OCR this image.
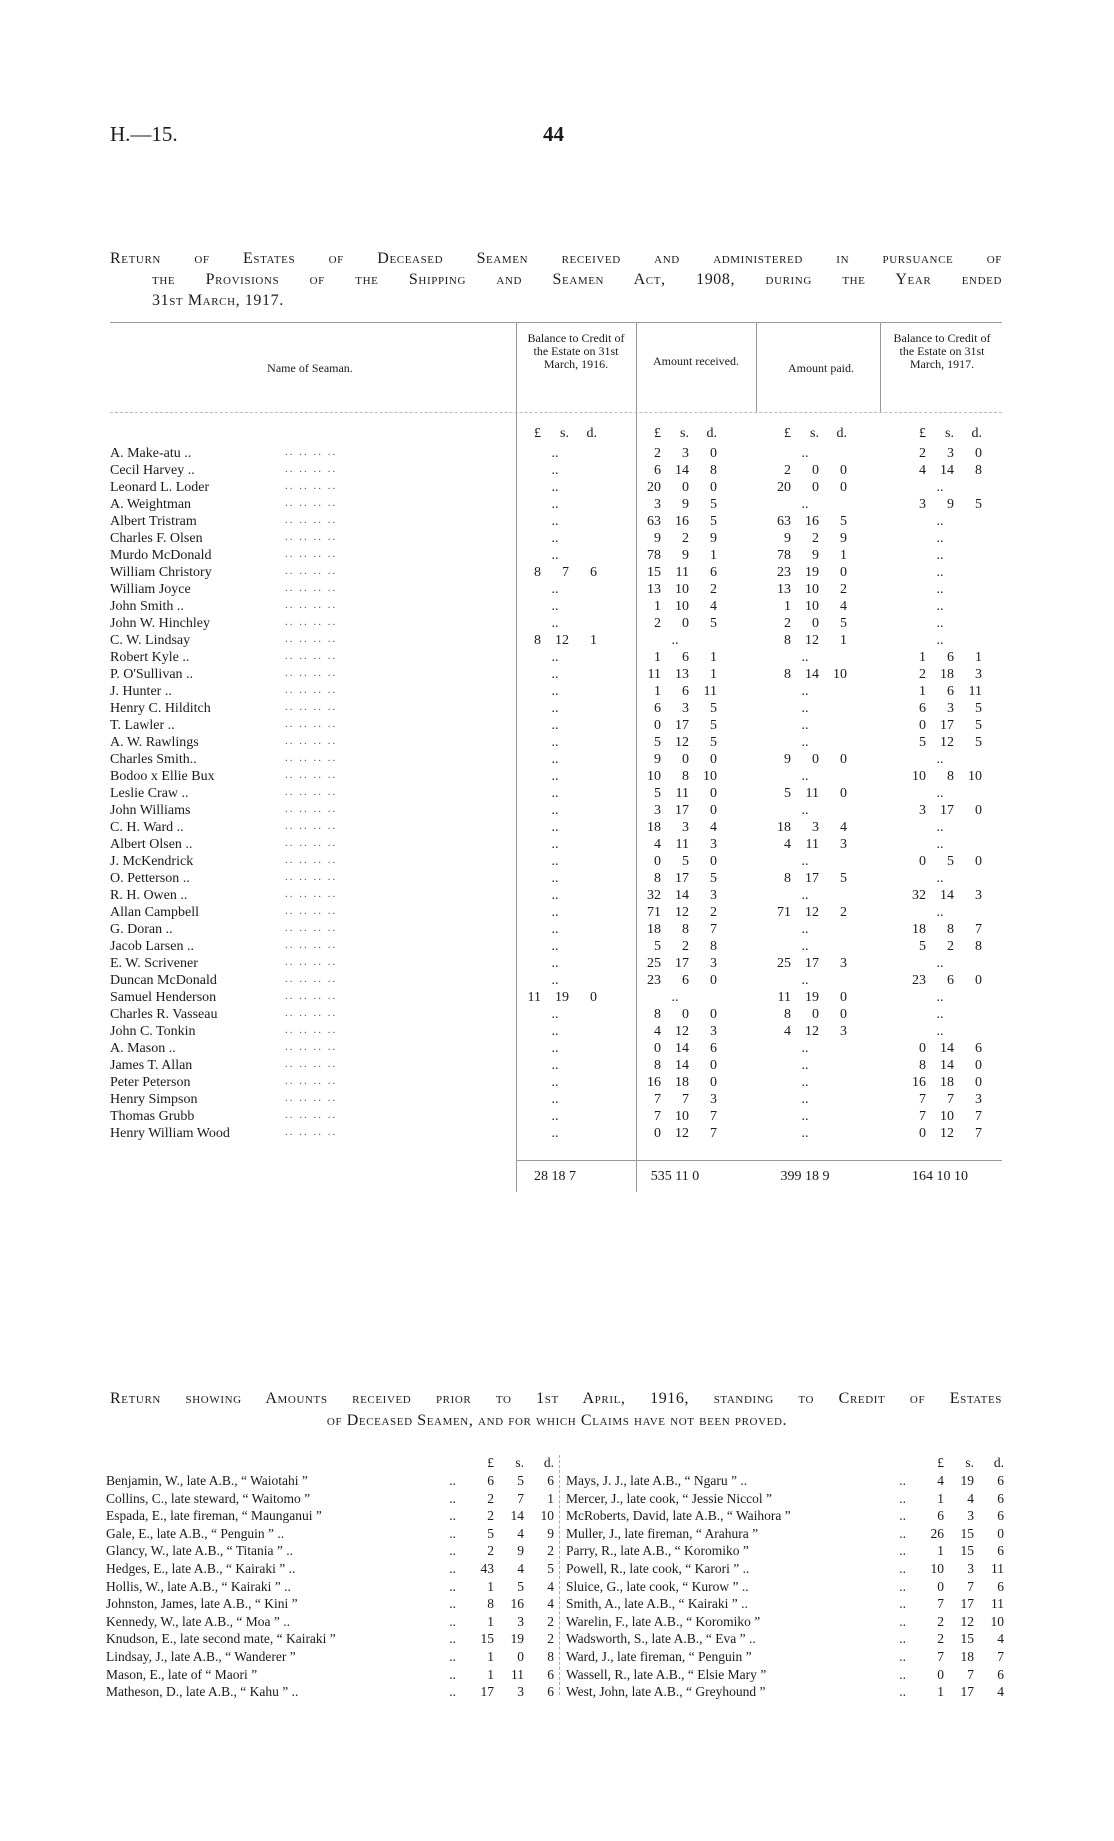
H.—15.	44
Return of Estates of Deceased Seamen received and administered in pursuance of
the Provisions of the Shipping and Seamen Act, 1908, during the Year ended
31st March, 1917.
Name of Seaman.
Balance to Credit of the Estate on 31st March, 1916.	Amount received.	Amount paid.
Balance to Credit of the Estate on 31st March, 1917.
£ s. d.	£ s. d.	£ s. d.	£ s. d.
A. Make-atu ..	.. .. .. ..	..	2 3 0	..	2 3 0
Cecil Harvey ..	.. .. .. ..	..	6 14 8	2 0 0	4 14 8
Leonard L. Loder	.. .. .. ..	..	20 0 0	20 0 0	..
A. Weightman	.. .. .. ..	..	3 9 5	..	3 9 5
Albert Tristram	.. .. .. ..	..	63 16 5	63 16 5	..
Charles F. Olsen	.. .. .. ..	..	9 2 9	9 2 9	..
Murdo McDonald	.. .. .. ..	..	78 9 1	78 9 1	..
William Christory	.. .. .. ..	8 7 6	15 11 6	23 19 0	..
William Joyce	.. .. .. ..	..	13 10 2	13 10 2	..
John Smith ..	.. .. .. ..	..	1 10 4	1 10 4	..
John W. Hinchley	.. .. .. ..	..	2 0 5	2 0 5	..
C. W. Lindsay	.. .. .. ..	8 12 1	..	8 12 1	..
Robert Kyle ..	.. .. .. ..	..	1 6 1	..	1 6 1
P. O'Sullivan ..	.. .. .. ..	..	11 13 1	8 14 10	2 18 3
J. Hunter ..	.. .. .. ..	..	1 6 11	..	1 6 11
Henry C. Hilditch	.. .. .. ..	..	6 3 5	..	6 3 5
T. Lawler ..	.. .. .. ..	..	0 17 5	..	0 17 5
A. W. Rawlings	.. .. .. ..	..	5 12 5	..	5 12 5
Charles Smith..	.. .. .. ..	..	9 0 0	9 0 0	..
Bodoo x Ellie Bux	.. .. .. ..	..	10 8 10	..	10 8 10
Leslie Craw ..	.. .. .. ..	..	5 11 0	5 11 0	..
John Williams	.. .. .. ..	..	3 17 0	..	3 17 0
C. H. Ward ..	.. .. .. ..	..	18 3 4	18 3 4	..
Albert Olsen ..	.. .. .. ..	..	4 11 3	4 11 3	..
J. McKendrick	.. .. .. ..	..	0 5 0	..	0 5 0
O. Petterson ..	.. .. .. ..	..	8 17 5	8 17 5	..
R. H. Owen ..	.. .. .. ..	..	32 14 3	..	32 14 3
Allan Campbell	.. .. .. ..	..	71 12 2	71 12 2	..
G. Doran ..	.. .. .. ..	..	18 8 7	..	18 8 7
Jacob Larsen ..	.. .. .. ..	..	5 2 8	..	5 2 8
E. W. Scrivener	.. .. .. ..	..	25 17 3	25 17 3	..
Duncan McDonald	.. .. .. ..	..	23 6 0	..	23 6 0
Samuel Henderson	.. .. .. ..	11 19 0	..	11 19 0	..
Charles R. Vasseau	.. .. .. ..	..	8 0 0	8 0 0	..
John C. Tonkin	.. .. .. ..	..	4 12 3	4 12 3	..
A. Mason ..	.. .. .. ..	..	0 14 6	..	0 14 6
James T. Allan	.. .. .. ..	..	8 14 0	..	8 14 0
Peter Peterson	.. .. .. ..	..	16 18 0	..	16 18 0
Henry Simpson	.. .. .. ..	..	7 7 3	..	7 7 3
Thomas Grubb	.. .. .. ..	..	7 10 7	..	7 10 7
Henry William Wood	.. .. .. ..	..	0 12 7	..	0 12 7
28 18 7	535 11 0	399 18 9	164 10 10
Return showing Amounts received prior to 1st April, 1916, standing to Credit of Estates
of Deceased Seamen, and for which Claims have not been proved.
£	s.	d.	£	s.	d.
Benjamin, W., late A.B., “ Waiotahi ”	..	6	5	6
Collins, C., late steward, “ Waitomo ”	..	2	7	1
Espada, E., late fireman, “ Maunganui ”	..	2	14	10
Gale, E., late A.B., “ Penguin ” ..	..	5	4	9
Glancy, W., late A.B., “ Titania ” ..	..	2	9	2
Hedges, E., late A.B., “ Kairaki ” ..	..	43	4	5
Hollis, W., late A.B., “ Kairaki ” ..	..	1	5	4
Johnston, James, late A.B., “ Kini ”	..	8	16	4
Kennedy, W., late A.B., “ Moa ” ..	..	1	3	2
Knudson, E., late second mate, “ Kairaki ”	..	15	19	2
Lindsay, J., late A.B., “ Wanderer ”	..	1	0	8
Mason, E., late of “ Maori ”	..	1	11	6
Matheson, D., late A.B., “ Kahu ” ..	..	17	3	6
Mays, J. J., late A.B., “ Ngaru ” ..	..	4	19	6
Mercer, J., late cook, “ Jessie Niccol ”	..	1	4	6
McRoberts, David, late A.B., “ Waihora ”	..	6	3	6
Muller, J., late fireman, “ Arahura ”	..	26	15	0
Parry, R., late A.B., “ Koromiko ”	..	1	15	6
Powell, R., late cook, “ Karori ” ..	..	10	3	11
Sluice, G., late cook, “ Kurow ” ..	..	0	7	6
Smith, A., late A.B., “ Kairaki ” ..	..	7	17	11
Warelin, F., late A.B., “ Koromiko ”	..	2	12	10
Wadsworth, S., late A.B., “ Eva ” ..	..	2	15	4
Ward, J., late fireman, “ Penguin ”	..	7	18	7
Wassell, R., late A.B., “ Elsie Mary ”	..	0	7	6
West, John, late A.B., “ Greyhound ”	..	1	17	4
